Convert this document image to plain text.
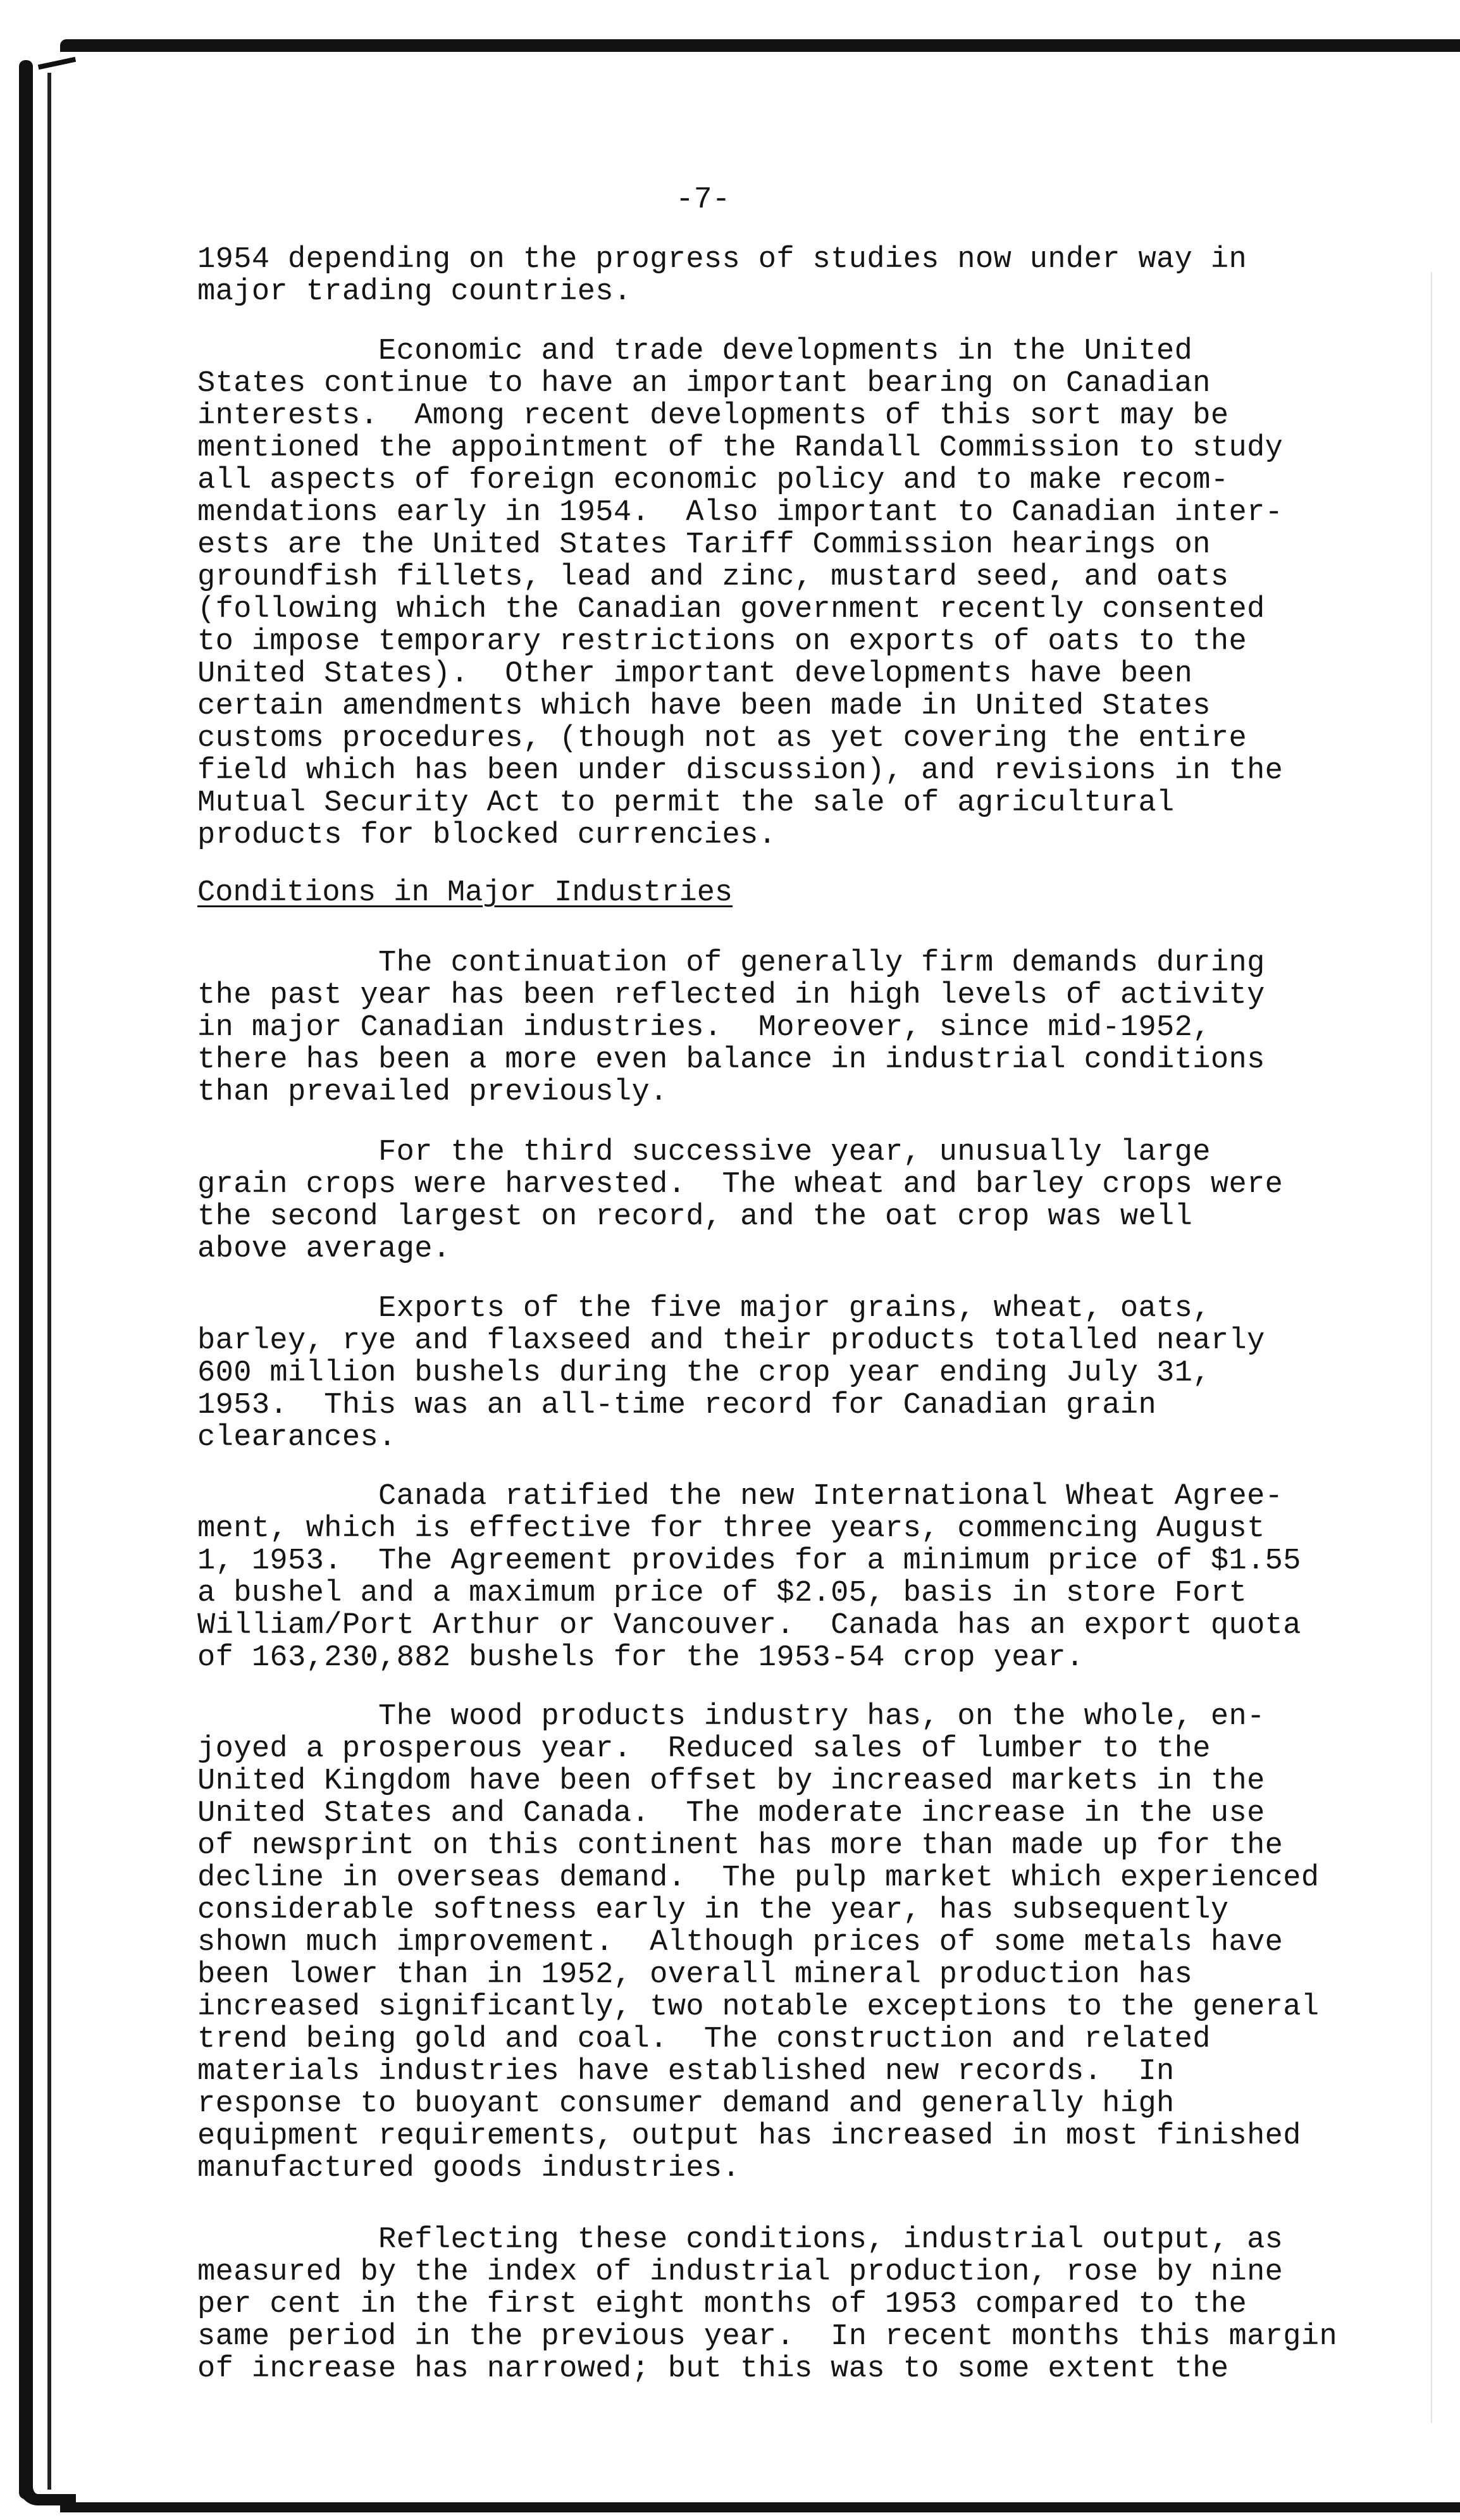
-7-

1954 depending on the progress of studies now under way in
major trading countries.

Economic and trade developments in the United
States continue to have an important bearing on Canadian
interests.  Among recent developments of this sort may be
mentioned the appointment of the Randall Commission to study
all aspects of foreign economic policy and to make recom-
mendations early in 1954.  Also important to Canadian inter-
ests are the United States Tariff Commission hearings on
groundfish fillets, lead and zinc, mustard seed, and oats
(following which the Canadian government recently consented
to impose temporary restrictions on exports of oats to the
United States).  Other important developments have been
certain amendments which have been made in United States
customs procedures, (though not as yet covering the entire
field which has been under discussion), and revisions in the
Mutual Security Act to permit the sale of agricultural
products for blocked currencies.

Conditions in Major Industries

The continuation of generally firm demands during
the past year has been reflected in high levels of activity
in major Canadian industries.  Moreover, since mid-1952,
there has been a more even balance in industrial conditions
than prevailed previously.

For the third successive year, unusually large
grain crops were harvested.  The wheat and barley crops were
the second largest on record, and the oat crop was well
above average.

Exports of the five major grains, wheat, oats,
barley, rye and flaxseed and their products totalled nearly
600 million bushels during the crop year ending July 31,
1953.  This was an all-time record for Canadian grain
clearances.

Canada ratified the new International Wheat Agree-
ment, which is effective for three years, commencing August
1, 1953.  The Agreement provides for a minimum price of $1.55
a bushel and a maximum price of $2.05, basis in store Fort
William/Port Arthur or Vancouver.  Canada has an export quota
of 163,230,882 bushels for the 1953-54 crop year.

The wood products industry has, on the whole, en-
joyed a prosperous year.  Reduced sales of lumber to the
United Kingdom have been offset by increased markets in the
United States and Canada.  The moderate increase in the use
of newsprint on this continent has more than made up for the
decline in overseas demand.  The pulp market which experienced
considerable softness early in the year, has subsequently
shown much improvement.  Although prices of some metals have
been lower than in 1952, overall mineral production has
increased significantly, two notable exceptions to the general
trend being gold and coal.  The construction and related
materials industries have established new records.  In
response to buoyant consumer demand and generally high
equipment requirements, output has increased in most finished
manufactured goods industries.

Reflecting these conditions, industrial output, as
measured by the index of industrial production, rose by nine
per cent in the first eight months of 1953 compared to the
same period in the previous year.  In recent months this margin
of increase has narrowed; but this was to some extent the
